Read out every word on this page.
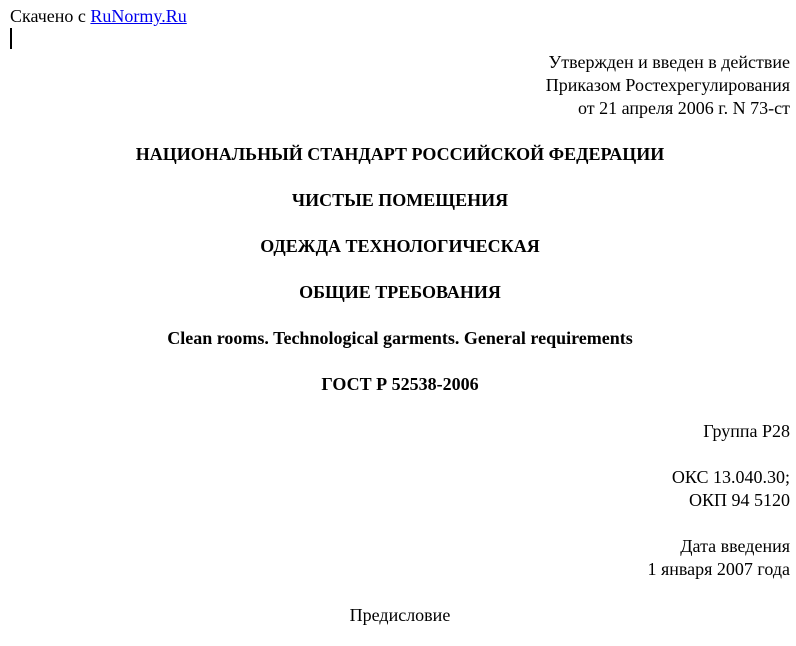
Скачено с RuNormy.Ru
Утвержден и введен в действие
Приказом Ростехрегулирования
от 21 апреля 2006 г. N 73-ст
НАЦИОНАЛЬНЫЙ СТАНДАРТ РОССИЙСКОЙ ФЕДЕРАЦИИ
ЧИСТЫЕ ПОМЕЩЕНИЯ
ОДЕЖДА ТЕХНОЛОГИЧЕСКАЯ
ОБЩИЕ ТРЕБОВАНИЯ
Clean rooms. Technological garments. General requirements
ГОСТ Р 52538-2006
Группа Р28
ОКС 13.040.30;
ОКП 94 5120
Дата введения
1 января 2007 года
Предисловие
